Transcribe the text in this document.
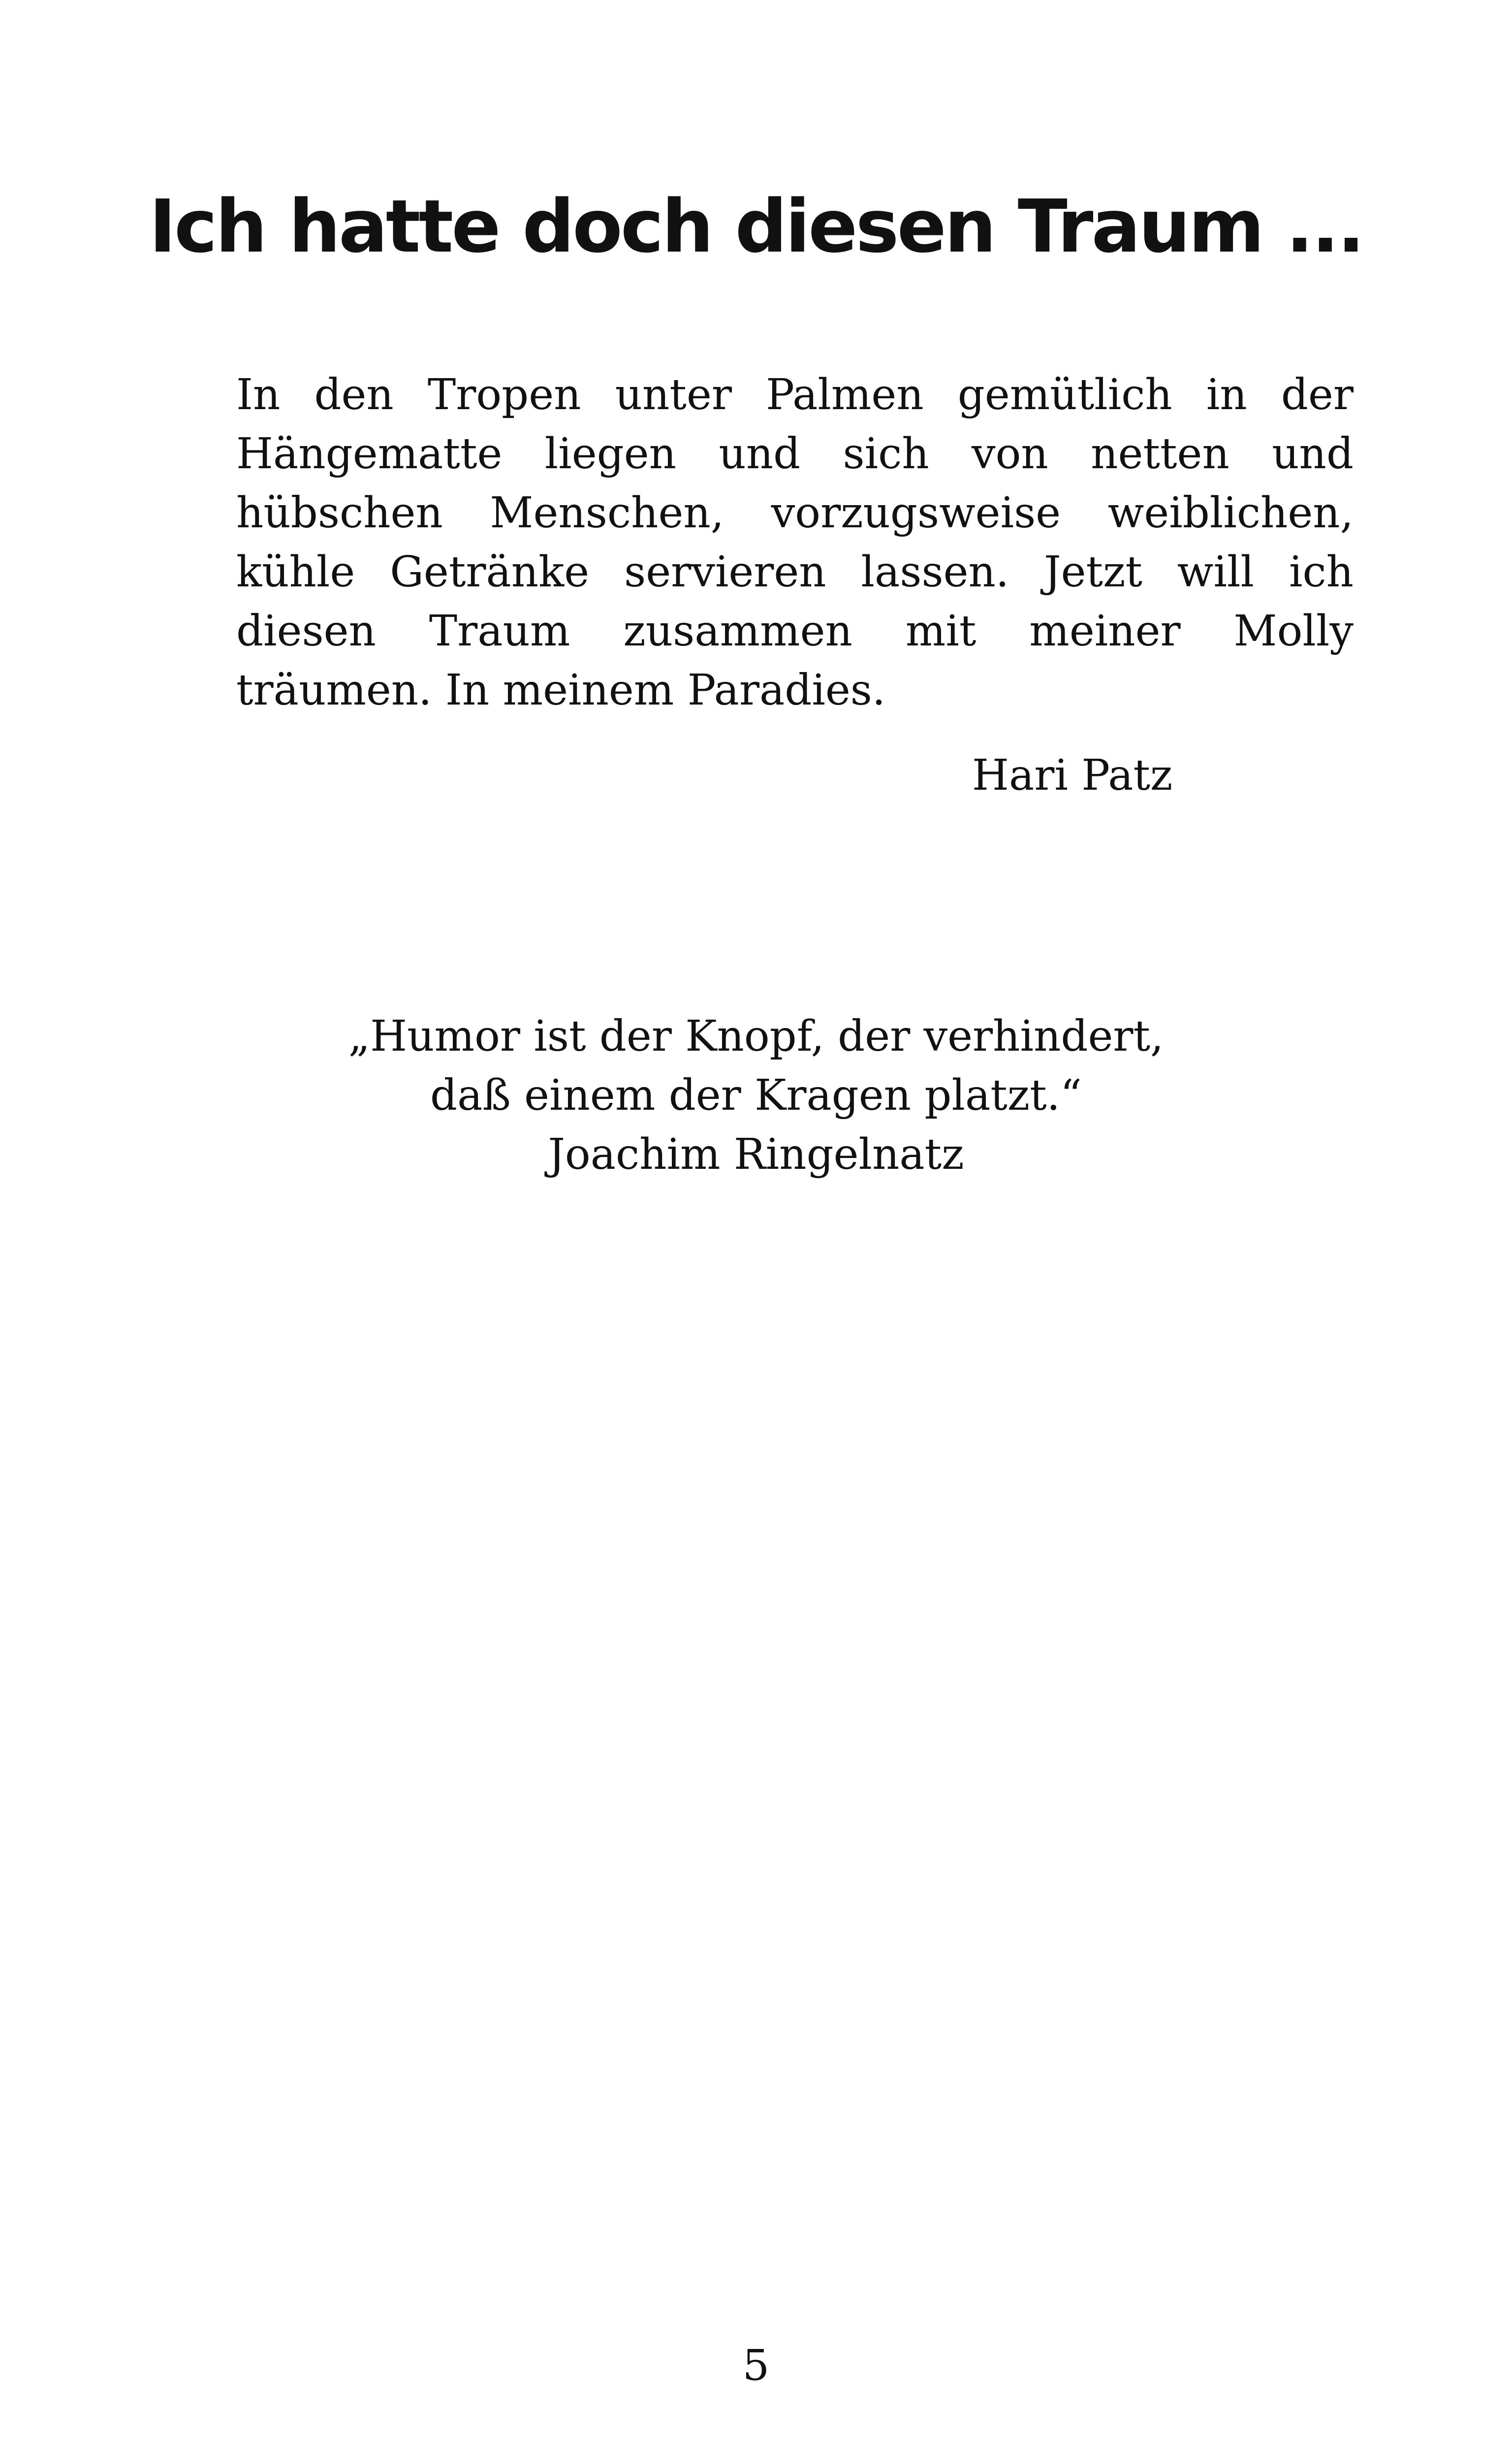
Ich hatte doch diesen Traum ...

In den Tropen unter Palmen gemütlich in der Hängematte liegen und sich von netten und hübschen Menschen, vorzugsweise weiblichen, kühle Getränke servieren lassen. Jetzt will ich diesen Traum zusammen mit meiner Molly träumen. In meinem Paradies.

Hari Patz

„Humor ist der Knopf, der verhindert,
daß einem der Kragen platzt.“
Joachim Ringelnatz
5
